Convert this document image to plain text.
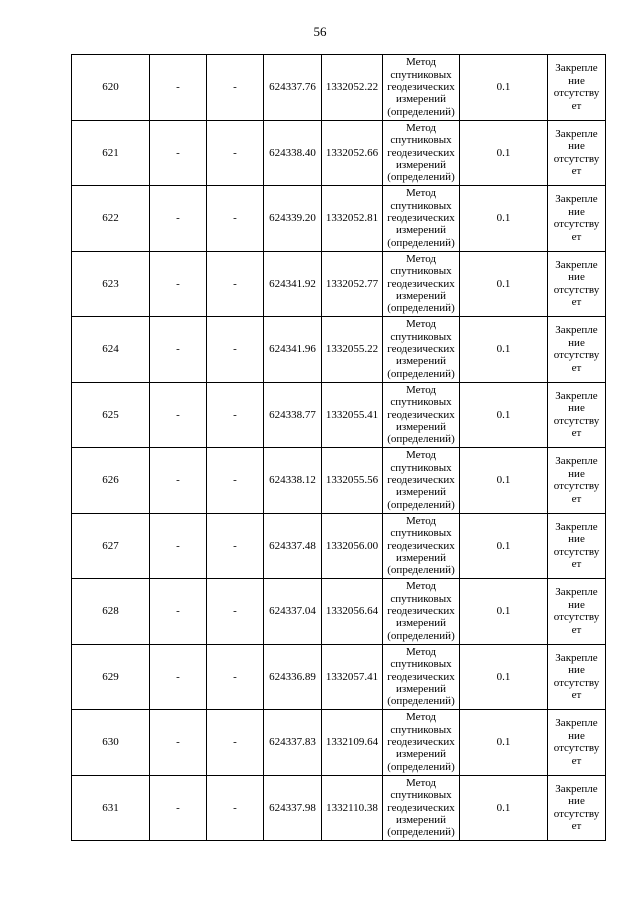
56
620	-	-	624337.76	1332052.22	Метод
спутниковых
геодезических
измерений
(определений)	0.1	Закрепле
ние
отсутству
ет

621	-	-	624338.40	1332052.66	Метод
спутниковых
геодезических
измерений
(определений)	0.1	Закрепле
ние
отсутству
ет

622	-	-	624339.20	1332052.81	Метод
спутниковых
геодезических
измерений
(определений)	0.1	Закрепле
ние
отсутству
ет

623	-	-	624341.92	1332052.77	Метод
спутниковых
геодезических
измерений
(определений)	0.1	Закрепле
ние
отсутству
ет

624	-	-	624341.96	1332055.22	Метод
спутниковых
геодезических
измерений
(определений)	0.1	Закрепле
ние
отсутству
ет

625	-	-	624338.77	1332055.41	Метод
спутниковых
геодезических
измерений
(определений)	0.1	Закрепле
ние
отсутству
ет

626	-	-	624338.12	1332055.56	Метод
спутниковых
геодезических
измерений
(определений)	0.1	Закрепле
ние
отсутству
ет

627	-	-	624337.48	1332056.00	Метод
спутниковых
геодезических
измерений
(определений)	0.1	Закрепле
ние
отсутству
ет

628	-	-	624337.04	1332056.64	Метод
спутниковых
геодезических
измерений
(определений)	0.1	Закрепле
ние
отсутству
ет

629	-	-	624336.89	1332057.41	Метод
спутниковых
геодезических
измерений
(определений)	0.1	Закрепле
ние
отсутству
ет

630	-	-	624337.83	1332109.64	Метод
спутниковых
геодезических
измерений
(определений)	0.1	Закрепле
ние
отсутству
ет

631	-	-	624337.98	1332110.38	Метод
спутниковых
геодезических
измерений
(определений)	0.1	Закрепле
ние
отсутству
ет
